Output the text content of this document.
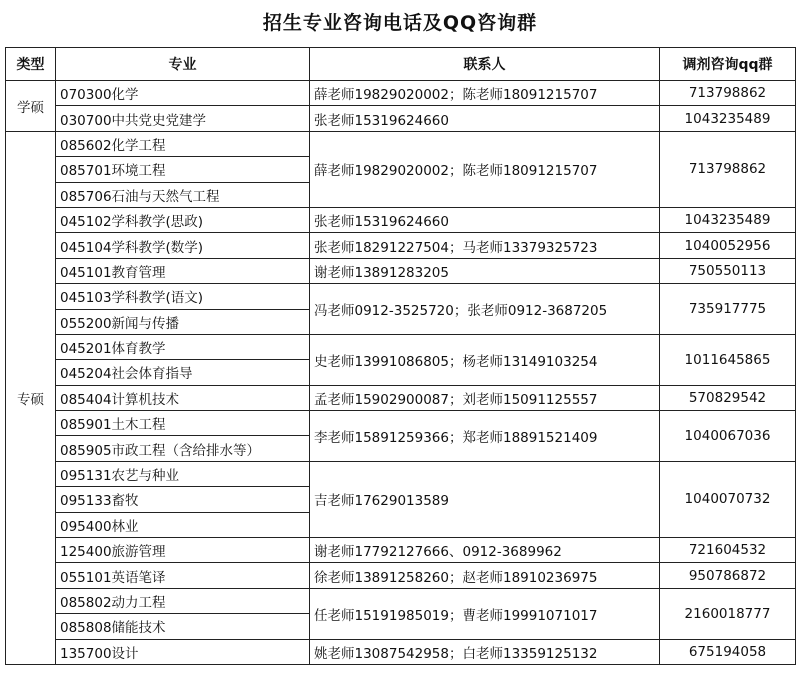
招生专业咨询电话及QQ咨询群
类型	专业	联系人	调剂咨询qq群
学硕	070300化学	薛老师19829020002；陈老师18091215707	713798862
	030700中共党史党建学	张老师15319624660	1043235489
专硕	085602化学工程	薛老师19829020002；陈老师18091215707	713798862
	085701环境工程		
	085706石油与天然气工程		
	045102学科教学(思政)	张老师15319624660	1043235489
	045104学科教学(数学)	张老师18291227504；马老师13379325723	1040052956
	045101教育管理	谢老师13891283205	750550113
	045103学科教学(语文)	冯老师0912-3525720；张老师0912-3687205	735917775
	055200新闻与传播		
	045201体育教学	史老师13991086805；杨老师13149103254	1011645865
	045204社会体育指导		
	085404计算机技术	孟老师15902900087；刘老师15091125557	570829542
	085901土木工程	李老师15891259366；郑老师18891521409	1040067036
	085905市政工程（含给排水等）		
	095131农艺与种业	吉老师17629013589	1040070732
	095133畜牧		
	095400林业		
	125400旅游管理	谢老师17792127666、0912-3689962	721604532
	055101英语笔译	徐老师13891258260；赵老师18910236975	950786872
	085802动力工程	任老师15191985019；曹老师19991071017	2160018777
	085808储能技术		
	135700设计	姚老师13087542958；白老师13359125132	675194058
